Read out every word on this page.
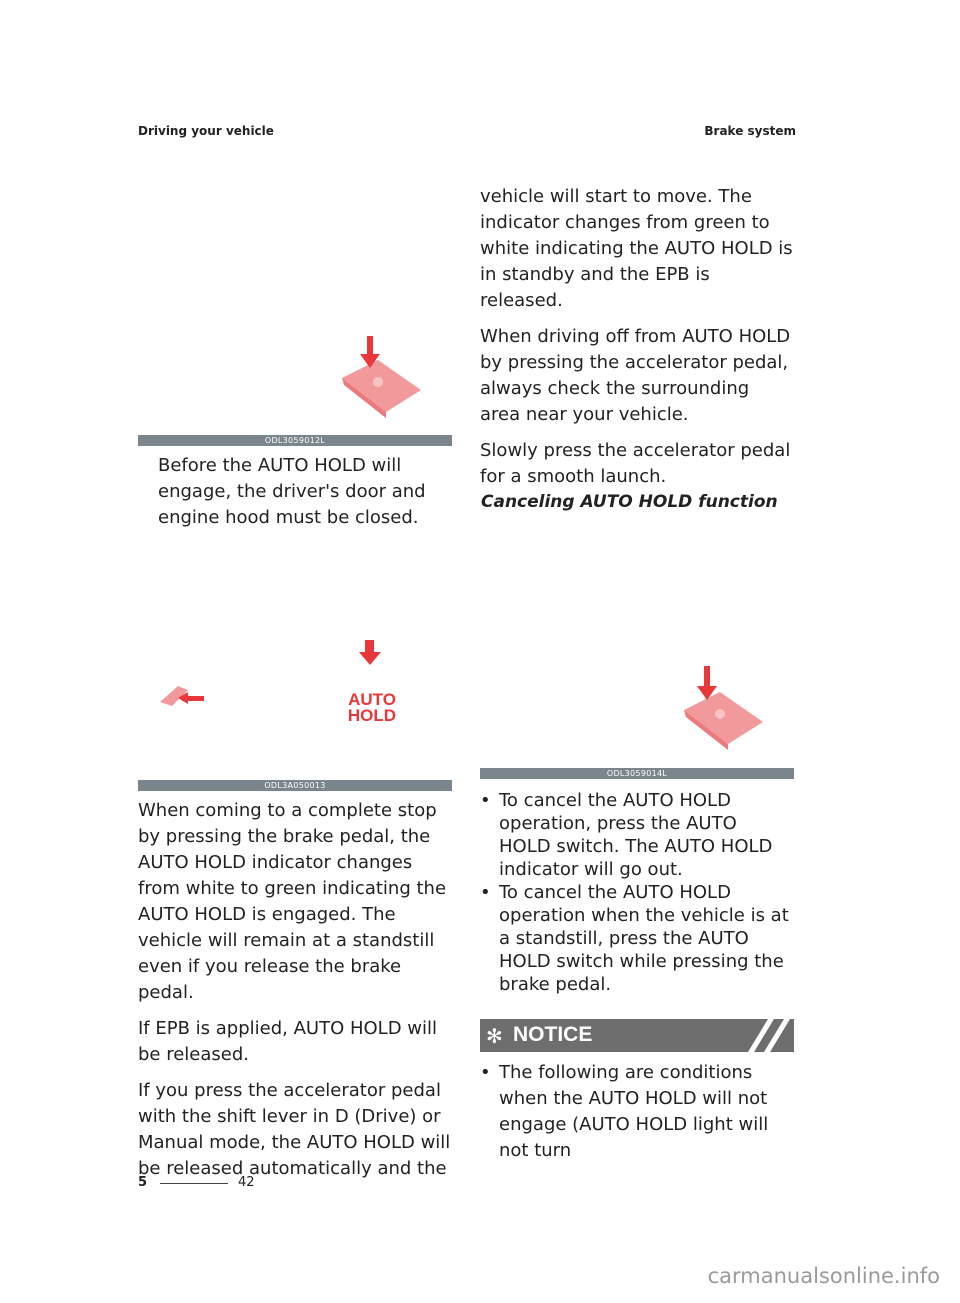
Driving your vehicle	Brake system
ODL3059012L

Before the AUTO HOLD will engage, the driver's door and engine hood must be closed.

AUTO
HOLD
ODL3A050013

When coming to a complete stop by pressing the brake pedal, the AUTO HOLD indicator changes from white to green indicating the AUTO HOLD is engaged. The vehicle will remain at a standstill even if you release the brake pedal.

If EPB is applied, AUTO HOLD will be released.

If you press the accelerator pedal with the shift lever in D (Drive) or Manual mode, the AUTO HOLD will be released automatically and the

vehicle will start to move. The indicator changes from green to white indicating the AUTO HOLD is in standby and the EPB is released.

When driving off from AUTO HOLD by pressing the accelerator pedal, always check the surrounding area near your vehicle.

Slowly press the accelerator pedal for a smooth launch.

Canceling AUTO HOLD function
ODL3059014L
• To cancel the AUTO HOLD operation, press the AUTO HOLD switch. The AUTO HOLD indicator will go out.
• To cancel the AUTO HOLD operation when the vehicle is at a standstill, press the AUTO HOLD switch while pressing the brake pedal.
✻ NOTICE
• The following are conditions when the AUTO HOLD will not engage (AUTO HOLD light will not turn
5	42
carmanualsonline.info
